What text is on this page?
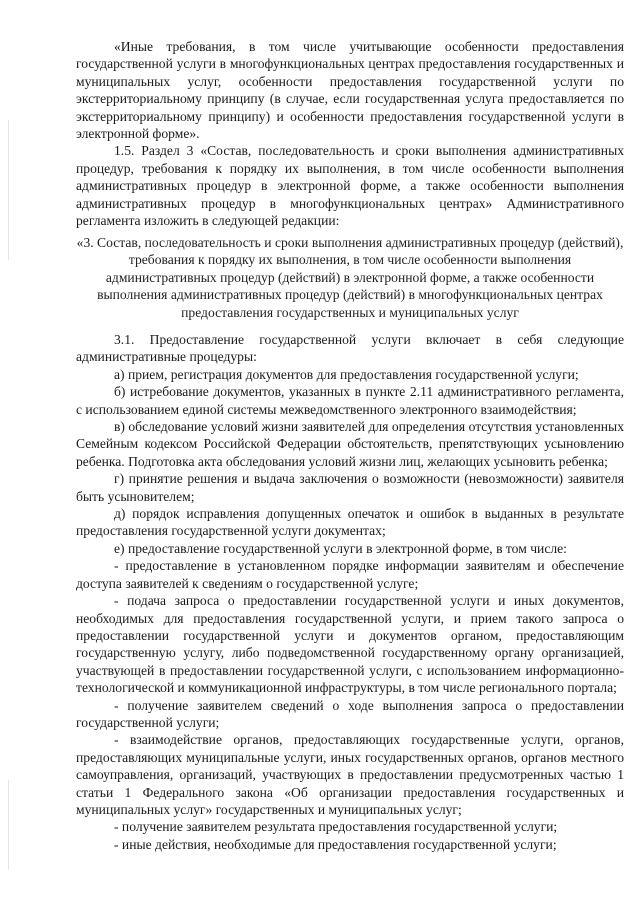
«Иные требования, в том числе учитывающие особенности предоставления государственной услуги в многофункциональных центрах предоставления государственных и муниципальных услуг, особенности предоставления государственной услуги по экстерриториальному принципу (в случае, если государственная услуга предоставляется по экстерриториальному принципу) и особенности предоставления государственной услуги в электронной форме».

1.5. Раздел 3 «Состав, последовательность и сроки выполнения административных процедур, требования к порядку их выполнения, в том числе особенности выполнения административных процедур в электронной форме, а также особенности выполнения административных процедур в многофункциональных центрах» Административного регламента изложить в следующей редакции:

«3. Состав, последовательность и сроки выполнения административных процедур (действий), требования к порядку их выполнения, в том числе особенности выполнения административных процедур (действий) в электронной форме, а также особенности выполнения административных процедур (действий) в многофункциональных центрах предоставления государственных и муниципальных услуг

3.1. Предоставление государственной услуги включает в себя следующие административные процедуры:

а) прием, регистрация документов для предоставления государственной услуги;

б) истребование документов, указанных в пункте 2.11 административного регламента, с использованием единой системы межведомственного электронного взаимодействия;

в) обследование условий жизни заявителей для определения отсутствия установленных Семейным кодексом Российской Федерации обстоятельств, препятствующих усыновлению ребенка. Подготовка акта обследования условий жизни лиц, желающих усыновить ребенка;

г) принятие решения и выдача заключения о возможности (невозможности) заявителя быть усыновителем;

д) порядок исправления допущенных опечаток и ошибок в выданных в результате предоставления государственной услуги документах;

е) предоставление государственной услуги в электронной форме, в том числе:

- предоставление в установленном порядке информации заявителям и обеспечение доступа заявителей к сведениям о государственной услуге;

- подача запроса о предоставлении государственной услуги и иных документов, необходимых для предоставления государственной услуги, и прием такого запроса о предоставлении государственной услуги и документов органом, предоставляющим государственную услугу, либо подведомственной государственному органу организацией, участвующей в предоставлении государственной услуги, с использованием информационно-технологической и коммуникационной инфраструктуры, в том числе регионального портала;

- получение заявителем сведений о ходе выполнения запроса о предоставлении государственной услуги;

- взаимодействие органов, предоставляющих государственные услуги, органов, предоставляющих муниципальные услуги, иных государственных органов, органов местного самоуправления, организаций, участвующих в предоставлении предусмотренных частью 1 статьи 1 Федерального закона «Об организации предоставления государственных и муниципальных услуг» государственных и муниципальных услуг;

- получение заявителем результата предоставления государственной услуги;

- иные действия, необходимые для предоставления государственной услуги;
